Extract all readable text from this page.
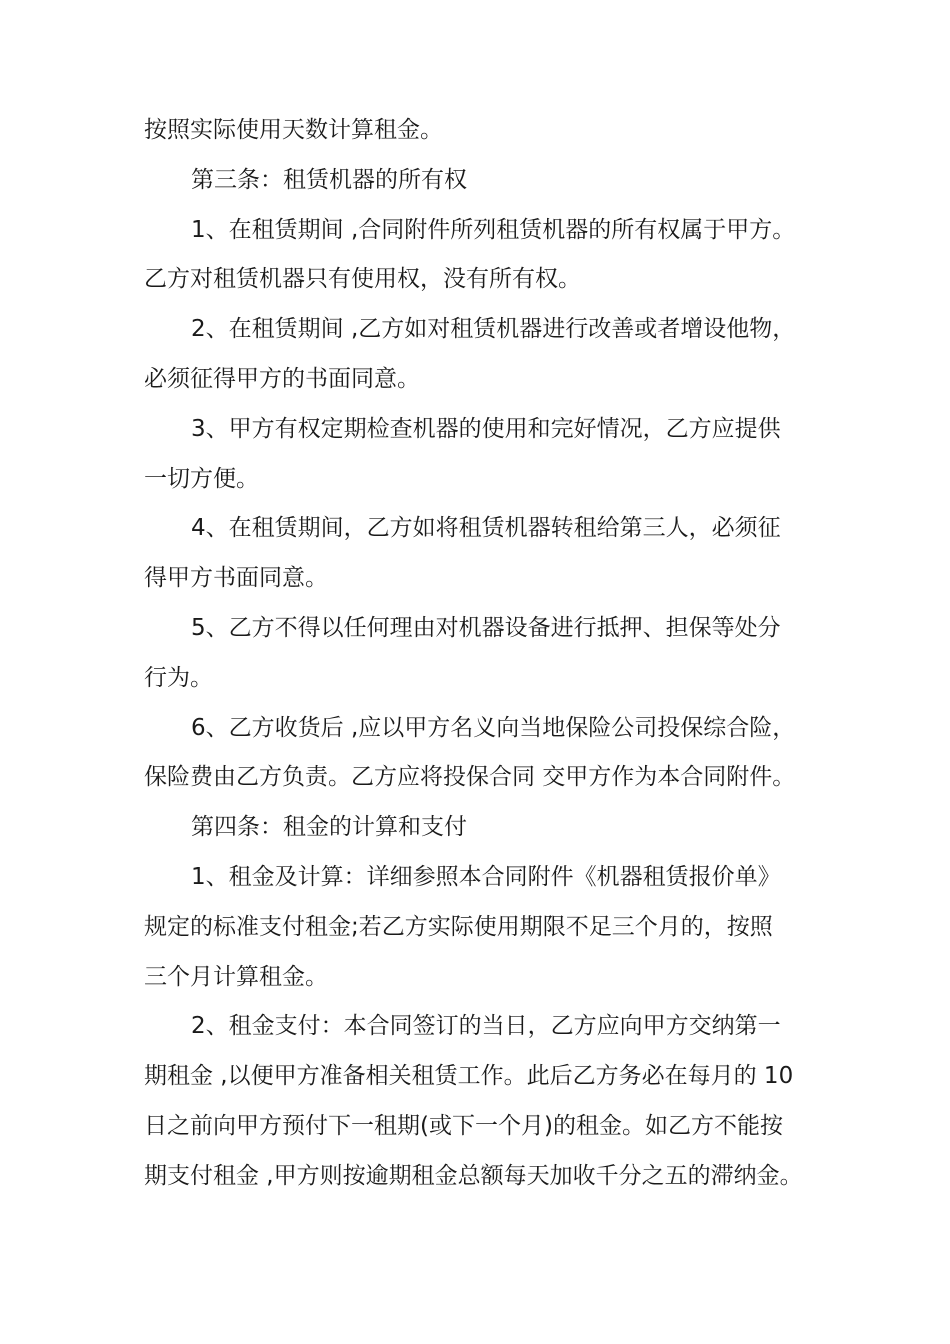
按照实际使用天数计算租金。
第三条：租赁机器的所有权
1、在租赁期间 ,合同附件所列租赁机器的所有权属于甲方。
乙方对租赁机器只有使用权，没有所有权。
2、在租赁期间 ,乙方如对租赁机器进行改善或者增设他物，
必须征得甲方的书面同意。
3、甲方有权定期检查机器的使用和完好情况，乙方应提供
一切方便。
4、在租赁期间，乙方如将租赁机器转租给第三人，必须征
得甲方书面同意。
5、乙方不得以任何理由对机器设备进行抵押、担保等处分
行为。
6、乙方收货后 ,应以甲方名义向当地保险公司投保综合险，
保险费由乙方负责。乙方应将投保合同 交甲方作为本合同附件。
第四条：租金的计算和支付
1、租金及计算：详细参照本合同附件《机器租赁报价单》
规定的标准支付租金;若乙方实际使用期限不足三个月的，按照
三个月计算租金。
2、租金支付：本合同签订的当日，乙方应向甲方交纳第一
期租金 ,以便甲方准备相关租赁工作。此后乙方务必在每月的 10
日之前向甲方预付下一租期(或下一个月)的租金。如乙方不能按
期支付租金 ,甲方则按逾期租金总额每天加收千分之五的滞纳金。
